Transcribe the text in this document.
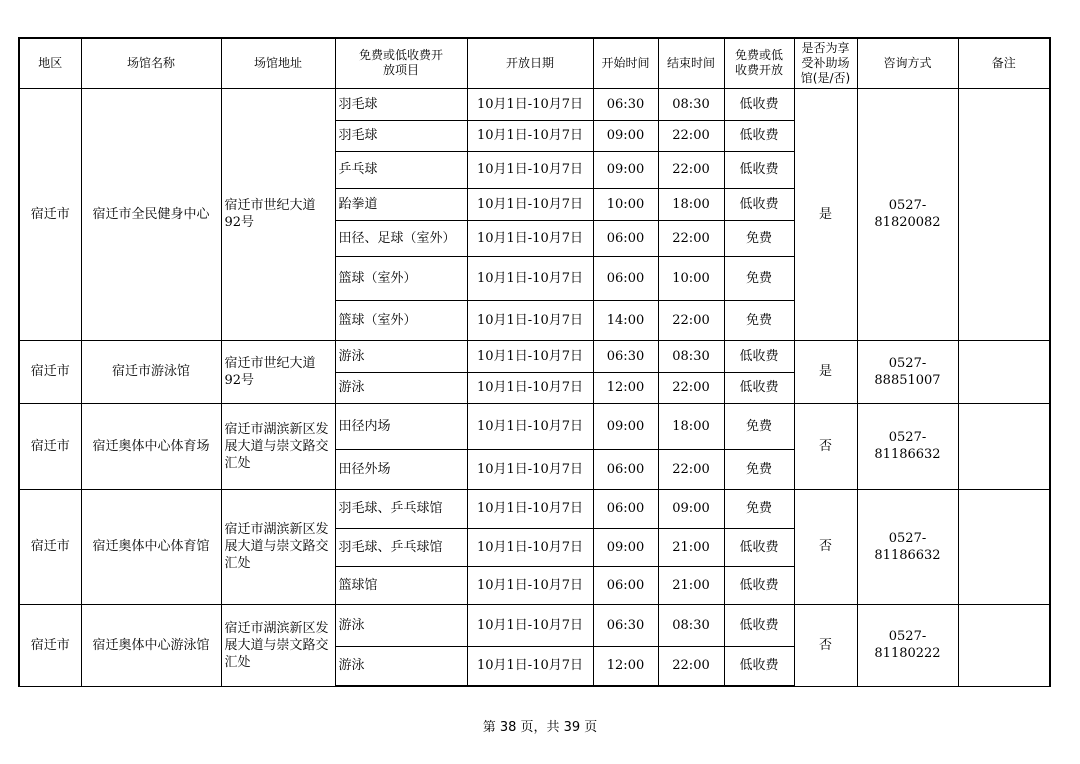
地区	场馆名称	场馆地址	免费或低收费开放项目	开放日期	开始时间	结束时间	免费或低收费开放	是否为享受补助场馆(是/否)	咨询方式	备注
宿迁市	宿迁市全民健身中心	宿迁市世纪大道92号	羽毛球	10月1日-10月7日	06:30	08:30	低收费	是	0527-81820082	
			羽毛球	10月1日-10月7日	09:00	22:00	低收费			
			乒乓球	10月1日-10月7日	09:00	22:00	低收费			
			跆拳道	10月1日-10月7日	10:00	18:00	低收费			
			田径、足球（室外）	10月1日-10月7日	06:00	22:00	免费			
			篮球（室外）	10月1日-10月7日	06:00	10:00	免费			
			篮球（室外）	10月1日-10月7日	14:00	22:00	免费			
宿迁市	宿迁市游泳馆	宿迁市世纪大道92号	游泳	10月1日-10月7日	06:30	08:30	低收费	是	0527-88851007	
			游泳	10月1日-10月7日	12:00	22:00	低收费			
宿迁市	宿迁奥体中心体育场	宿迁市湖滨新区发展大道与崇文路交汇处	田径内场	10月1日-10月7日	09:00	18:00	免费	否	0527-81186632	
			田径外场	10月1日-10月7日	06:00	22:00	免费			
宿迁市	宿迁奥体中心体育馆	宿迁市湖滨新区发展大道与崇文路交汇处	羽毛球、乒乓球馆	10月1日-10月7日	06:00	09:00	免费	否	0527-81186632	
			羽毛球、乒乓球馆	10月1日-10月7日	09:00	21:00	低收费			
			篮球馆	10月1日-10月7日	06:00	21:00	低收费			
宿迁市	宿迁奥体中心游泳馆	宿迁市湖滨新区发展大道与崇文路交汇处	游泳	10月1日-10月7日	06:30	08:30	低收费	否	0527-81180222	
			游泳	10月1日-10月7日	12:00	22:00	低收费			
第 38 页，共 39 页
